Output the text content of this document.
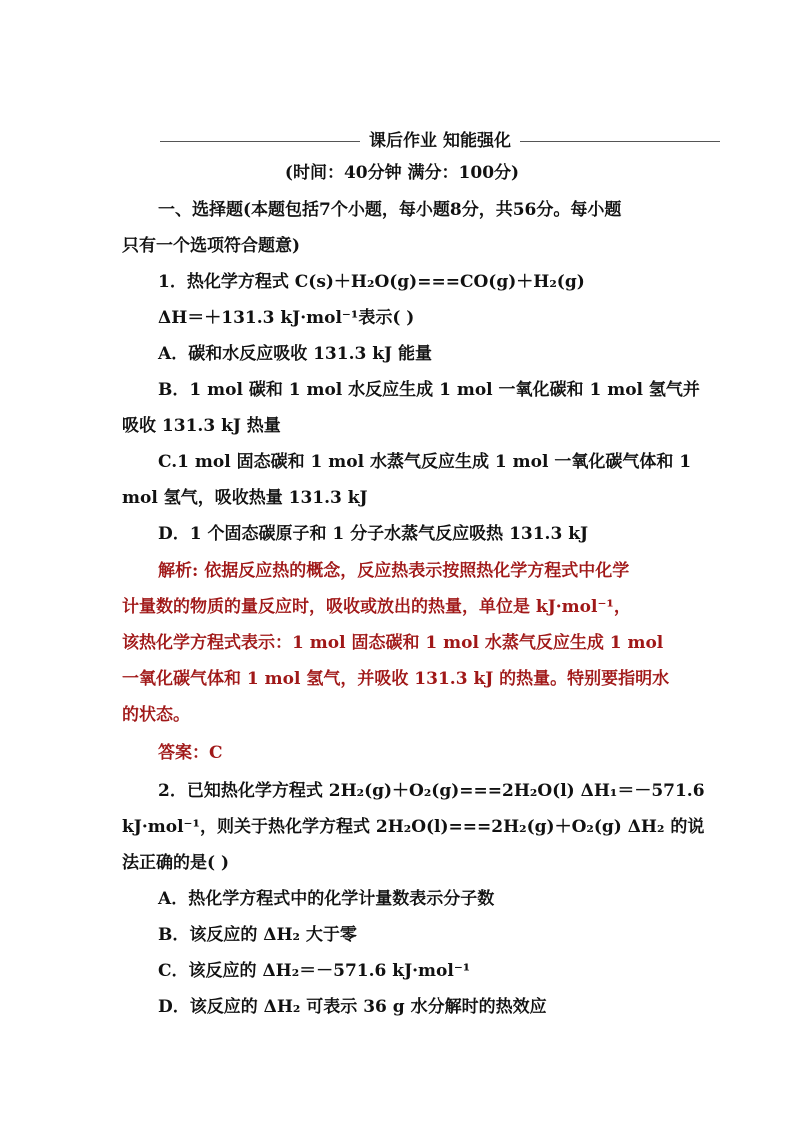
课后作业 知能强化
(时间：40分钟 满分：100分)
一、选择题(本题包括7个小题，每小题8分，共56分。每小题
只有一个选项符合题意)
1．热化学方程式 C(s)＋H₂O(g)===CO(g)＋H₂(g)
ΔH＝＋131.3 kJ·mol⁻¹表示( )
A．碳和水反应吸收 131.3 kJ 能量
B．1 mol 碳和 1 mol 水反应生成 1 mol 一氧化碳和 1 mol 氢气并
吸收 131.3 kJ 热量
C.1 mol 固态碳和 1 mol 水蒸气反应生成 1 mol 一氧化碳气体和 1
mol 氢气，吸收热量 131.3 kJ
D．1 个固态碳原子和 1 分子水蒸气反应吸热 131.3 kJ
解析: 依据反应热的概念，反应热表示按照热化学方程式中化学
计量数的物质的量反应时，吸收或放出的热量，单位是 kJ·mol⁻¹，
该热化学方程式表示：1 mol 固态碳和 1 mol 水蒸气反应生成 1 mol
一氧化碳气体和 1 mol 氢气，并吸收 131.3 kJ 的热量。特别要指明水
的状态。
答案：C
2．已知热化学方程式 2H₂(g)＋O₂(g)===2H₂O(l) ΔH₁＝－571.6
kJ·mol⁻¹，则关于热化学方程式 2H₂O(l)===2H₂(g)＋O₂(g) ΔH₂ 的说
法正确的是( )
A．热化学方程式中的化学计量数表示分子数
B．该反应的 ΔH₂ 大于零
C．该反应的 ΔH₂＝－571.6 kJ·mol⁻¹
D．该反应的 ΔH₂ 可表示 36 g 水分解时的热效应
